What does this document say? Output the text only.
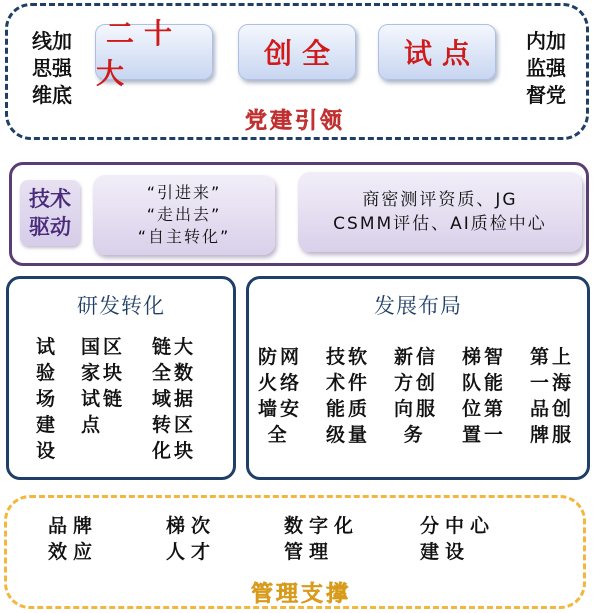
线加
思强
维底
二十大
创全	试点	内加
监强
督党
党建引领
技术
驱动
“引进来”
“走出去”
“自主转化”
商密测评资质、JG
CSMM评估、AI质检中心
研发转化
试
验
场
建
设
国区
家块
试链
点
链大
全数
域据
转区
化块
发展布局
防网
火络
墙安
全
技软
术件
能质
级量
新信
方创
向服
务
梯智
队能
位第
置一
第上
一海
品创
牌服
品牌
效应
梯次
人才
数字化
管理
分中心
建设
管理支撑
